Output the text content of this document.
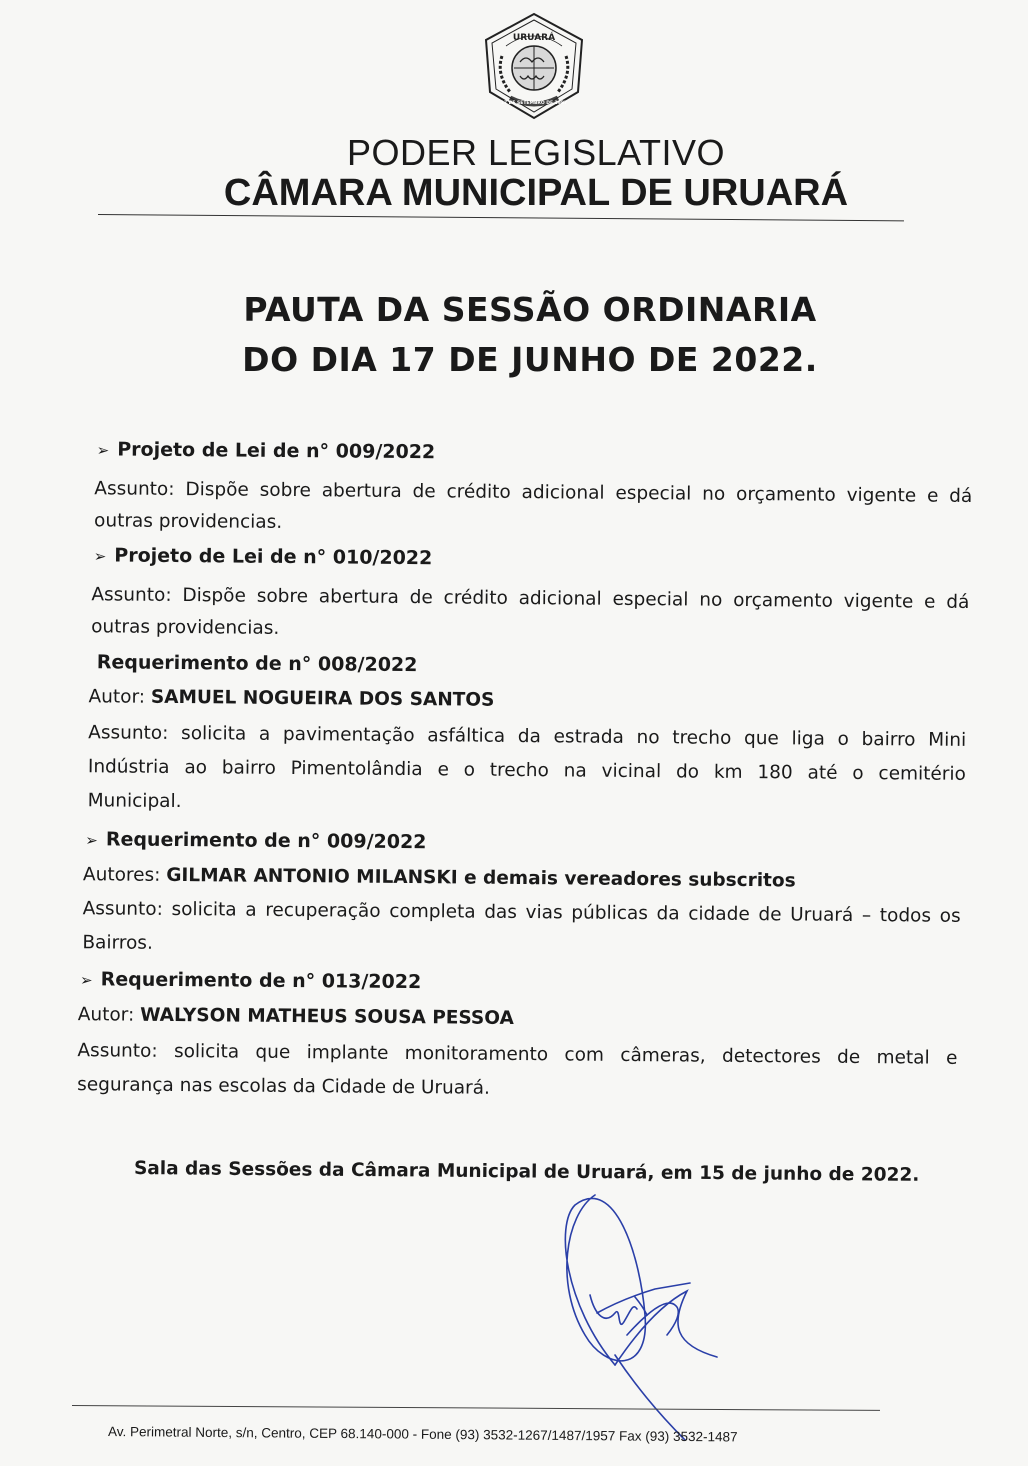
URUARÁ
17 DE SETEMBRO DE 1987
PODER LEGISLATIVO
CÂMARA MUNICIPAL DE URUARÁ
PAUTA DA SESSÃO ORDINARIA
DO DIA 17 DE JUNHO DE 2022.
➢ Projeto de Lei de n° 009/2022
Assunto: Dispõe sobre abertura de crédito adicional especial no orçamento vigente e dá
outras providencias.
➢ Projeto de Lei de n° 010/2022
Assunto: Dispõe sobre abertura de crédito adicional especial no orçamento vigente e dá
outras providencias.
Requerimento de n° 008/2022
Autor: SAMUEL NOGUEIRA DOS SANTOS
Assunto: solicita a pavimentação asfáltica da estrada no trecho que liga o bairro Mini
Indústria ao bairro Pimentolândia e o trecho na vicinal do km 180 até o cemitério
Municipal.
➢ Requerimento de n° 009/2022
Autores: GILMAR ANTONIO MILANSKI e demais vereadores subscritos
Assunto: solicita a recuperação completa das vias públicas da cidade de Uruará – todos os
Bairros.
➢ Requerimento de n° 013/2022
Autor: WALYSON MATHEUS SOUSA PESSOA
Assunto: solicita que implante monitoramento com câmeras, detectores de metal e
segurança nas escolas da Cidade de Uruará.
Sala das Sessões da Câmara Municipal de Uruará, em 15 de junho de 2022.
Av. Perimetral Norte, s/n, Centro, CEP 68.140-000 - Fone (93) 3532-1267/1487/1957 Fax (93) 3532-1487
